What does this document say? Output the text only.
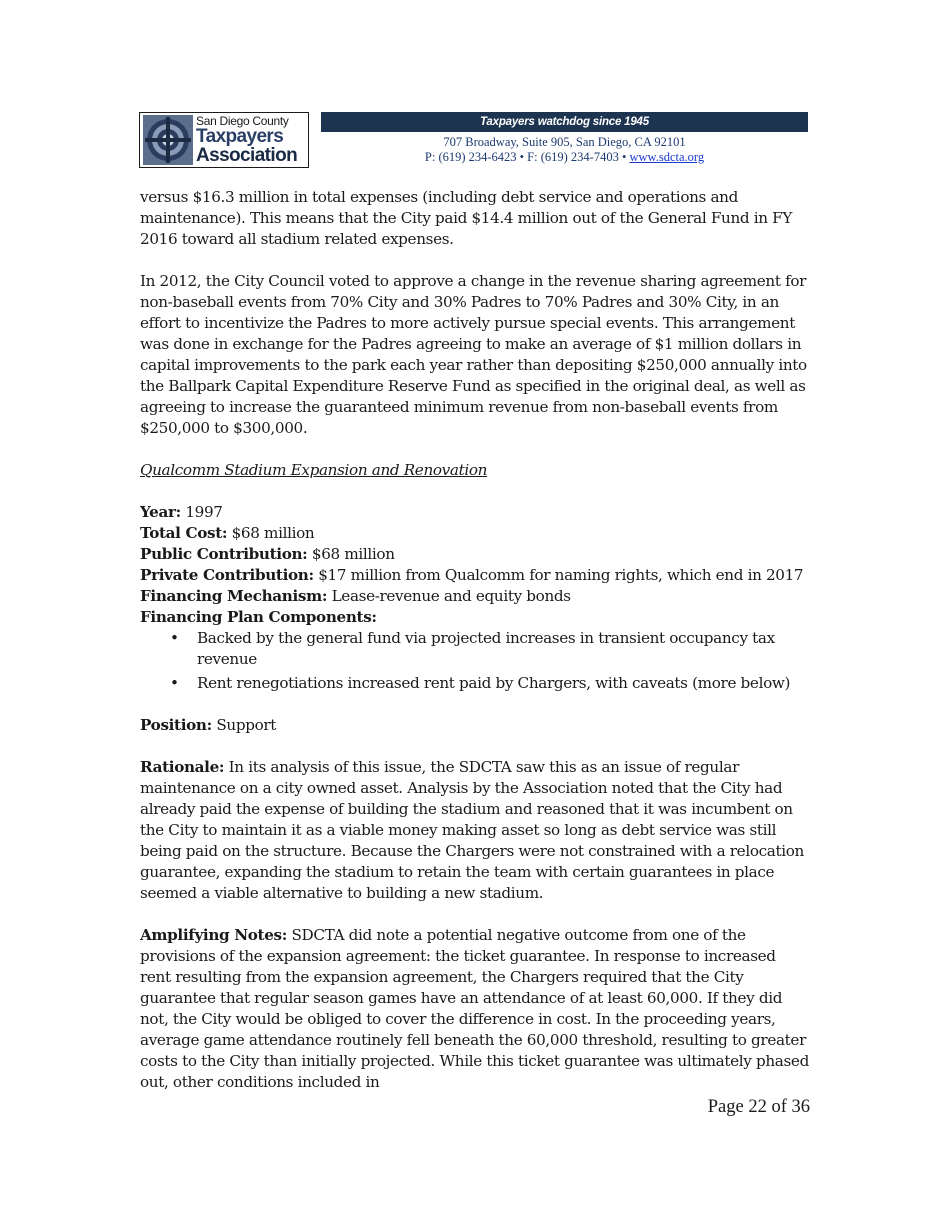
San Diego County
Taxpayers
Association
Taxpayers watchdog since 1945
707 Broadway, Suite 905, San Diego, CA 92101
P: (619) 234-6423 • F: (619) 234-7403 • www.sdcta.org

versus $16.3 million in total expenses (including debt service and operations and maintenance). This means that the City paid $14.4 million out of the General Fund in FY 2016 toward all stadium related expenses.

In 2012, the City Council voted to approve a change in the revenue sharing agreement for non-baseball events from 70% City and 30% Padres to 70% Padres and 30% City, in an effort to incentivize the Padres to more actively pursue special events. This arrangement was done in exchange for the Padres agreeing to make an average of $1 million dollars in capital improvements to the park each year rather than depositing $250,000 annually into the Ballpark Capital Expenditure Reserve Fund as specified in the original deal, as well as agreeing to increase the guaranteed minimum revenue from non-baseball events from $250,000 to $300,000.

Qualcomm Stadium Expansion and Renovation

Year: 1997
Total Cost: $68 million
Public Contribution: $68 million
Private Contribution: $17 million from Qualcomm for naming rights, which end in 2017
Financing Mechanism: Lease-revenue and equity bonds
Financing Plan Components:
• Backed by the general fund via projected increases in transient occupancy tax revenue
• Rent renegotiations increased rent paid by Chargers, with caveats (more below)

Position: Support

Rationale: In its analysis of this issue, the SDCTA saw this as an issue of regular maintenance on a city owned asset. Analysis by the Association noted that the City had already paid the expense of building the stadium and reasoned that it was incumbent on the City to maintain it as a viable money making asset so long as debt service was still being paid on the structure. Because the Chargers were not constrained with a relocation guarantee, expanding the stadium to retain the team with certain guarantees in place seemed a viable alternative to building a new stadium.

Amplifying Notes: SDCTA did note a potential negative outcome from one of the provisions of the expansion agreement: the ticket guarantee. In response to increased rent resulting from the expansion agreement, the Chargers required that the City guarantee that regular season games have an attendance of at least 60,000. If they did not, the City would be obliged to cover the difference in cost. In the proceeding years, average game attendance routinely fell beneath the 60,000 threshold, resulting to greater costs to the City than initially projected. While this ticket guarantee was ultimately phased out, other conditions included in

Page 22 of 36
